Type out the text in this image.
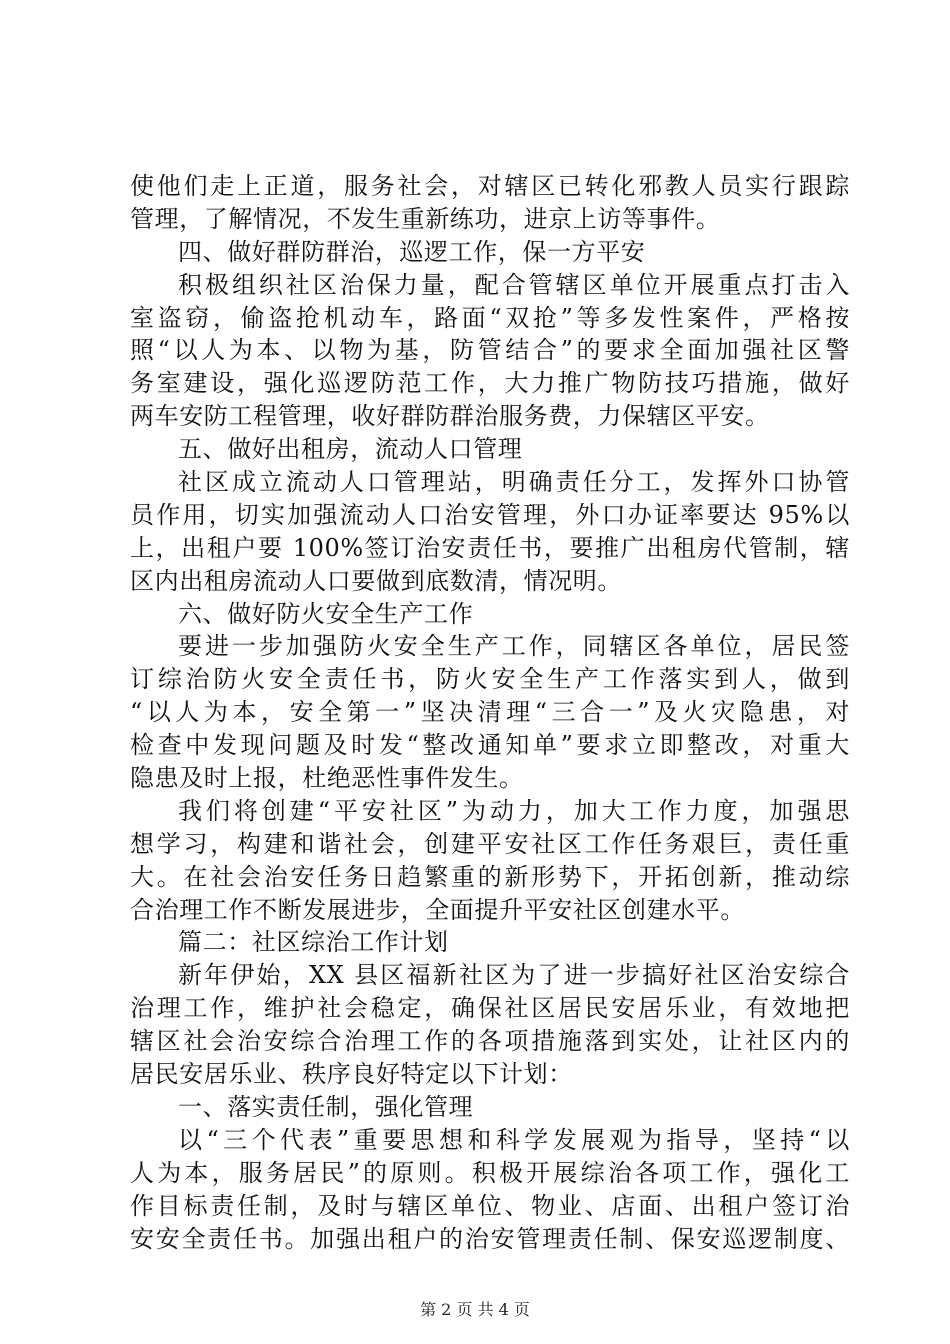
使他们走上正道，服务社会，对辖区已转化邪教人员实行跟踪
管理，了解情况，不发生重新练功，进京上访等事件。
四、做好群防群治，巡逻工作，保一方平安
积极组织社区治保力量，配合管辖区单位开展重点打击入
室盗窃，偷盗抢机动车，路面“双抢”等多发性案件，严格按
照“以人为本、以物为基，防管结合”的要求全面加强社区警
务室建设，强化巡逻防范工作，大力推广物防技巧措施，做好
两车安防工程管理，收好群防群治服务费，力保辖区平安。
五、做好出租房，流动人口管理
社区成立流动人口管理站，明确责任分工，发挥外口协管
员作用，切实加强流动人口治安管理，外口办证率要达 95%以
上，出租户要 100%签订治安责任书，要推广出租房代管制，辖
区内出租房流动人口要做到底数清，情况明。
六、做好防火安全生产工作
要进一步加强防火安全生产工作，同辖区各单位，居民签
订综治防火安全责任书，防火安全生产工作落实到人，做到
“以人为本，安全第一”坚决清理“三合一”及火灾隐患，对
检查中发现问题及时发“整改通知单”要求立即整改，对重大
隐患及时上报，杜绝恶性事件发生。
我们将创建“平安社区”为动力，加大工作力度，加强思
想学习，构建和谐社会，创建平安社区工作任务艰巨，责任重
大。在社会治安任务日趋繁重的新形势下，开拓创新，推动综
合治理工作不断发展进步，全面提升平安社区创建水平。
篇二：社区综治工作计划
新年伊始，XX 县区福新社区为了进一步搞好社区治安综合
治理工作，维护社会稳定，确保社区居民安居乐业，有效地把
辖区社会治安综合治理工作的各项措施落到实处，让社区内的
居民安居乐业、秩序良好特定以下计划：
一、落实责任制，强化管理
以“三个代表”重要思想和科学发展观为指导，坚持“以
人为本，服务居民”的原则。积极开展综治各项工作，强化工
作目标责任制，及时与辖区单位、物业、店面、出租户签订治
安安全责任书。加强出租户的治安管理责任制、保安巡逻制度、
第 2 页 共 4 页
